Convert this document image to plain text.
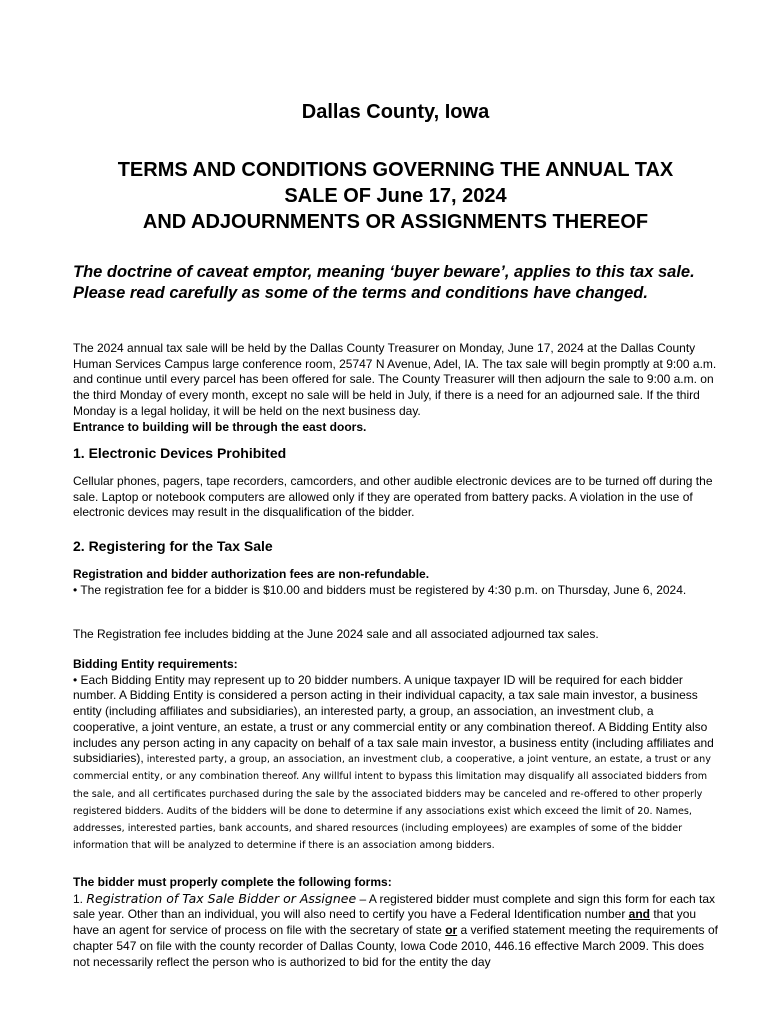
Dallas County, Iowa
TERMS AND CONDITIONS GOVERNING THE ANNUAL TAX
SALE OF June 17, 2024
AND ADJOURNMENTS OR ASSIGNMENTS THEREOF

The doctrine of caveat emptor, meaning ‘buyer beware’, applies to this tax sale. Please read carefully as some of the terms and conditions have changed.

The 2024 annual tax sale will be held by the Dallas County Treasurer on Monday, June 17, 2024 at the Dallas County Human Services Campus large conference room, 25747 N Avenue, Adel, IA. The tax sale will begin promptly at 9:00 a.m. and continue until every parcel has been offered for sale. The County Treasurer will then adjourn the sale to 9:00 a.m. on the third Monday of every month, except no sale will be held in July, if there is a need for an adjourned sale. If the third Monday is a legal holiday, it will be held on the next business day.
Entrance to building will be through the east doors.

1. Electronic Devices Prohibited

Cellular phones, pagers, tape recorders, camcorders, and other audible electronic devices are to be turned off during the sale. Laptop or notebook computers are allowed only if they are operated from battery packs. A violation in the use of electronic devices may result in the disqualification of the bidder.

2. Registering for the Tax Sale

Registration and bidder authorization fees are non-refundable.
• The registration fee for a bidder is $10.00 and bidders must be registered by 4:30 p.m. on Thursday, June 6, 2024.

The Registration fee includes bidding at the June 2024 sale and all associated adjourned tax sales.

Bidding Entity requirements:
• Each Bidding Entity may represent up to 20 bidder numbers. A unique taxpayer ID will be required for each bidder number. A Bidding Entity is considered a person acting in their individual capacity, a tax sale main investor, a business entity (including affiliates and subsidiaries), an interested party, a group, an association, an investment club, a cooperative, a joint venture, an estate, a trust or any commercial entity or any combination thereof. A Bidding Entity also includes any person acting in any capacity on behalf of a tax sale main investor, a business entity (including affiliates and subsidiaries), interested party, a group, an association, an investment club, a cooperative, a joint venture, an estate, a trust or any commercial entity, or any combination thereof. Any willful intent to bypass this limitation may disqualify all associated bidders from the sale, and all certificates purchased during the sale by the associated bidders may be canceled and re-offered to other properly registered bidders. Audits of the bidders will be done to determine if any associations exist which exceed the limit of 20. Names, addresses, interested parties, bank accounts, and shared resources (including employees) are examples of some of the bidder information that will be analyzed to determine if there is an association among bidders.

The bidder must properly complete the following forms:
1. Registration of Tax Sale Bidder or Assignee – A registered bidder must complete and sign this form for each tax sale year. Other than an individual, you will also need to certify you have a Federal Identification number and that you have an agent for service of process on file with the secretary of state or a verified statement meeting the requirements of chapter 547 on file with the county recorder of Dallas County, Iowa Code 2010, 446.16 effective March 2009. This does not necessarily reflect the person who is authorized to bid for the entity the day
